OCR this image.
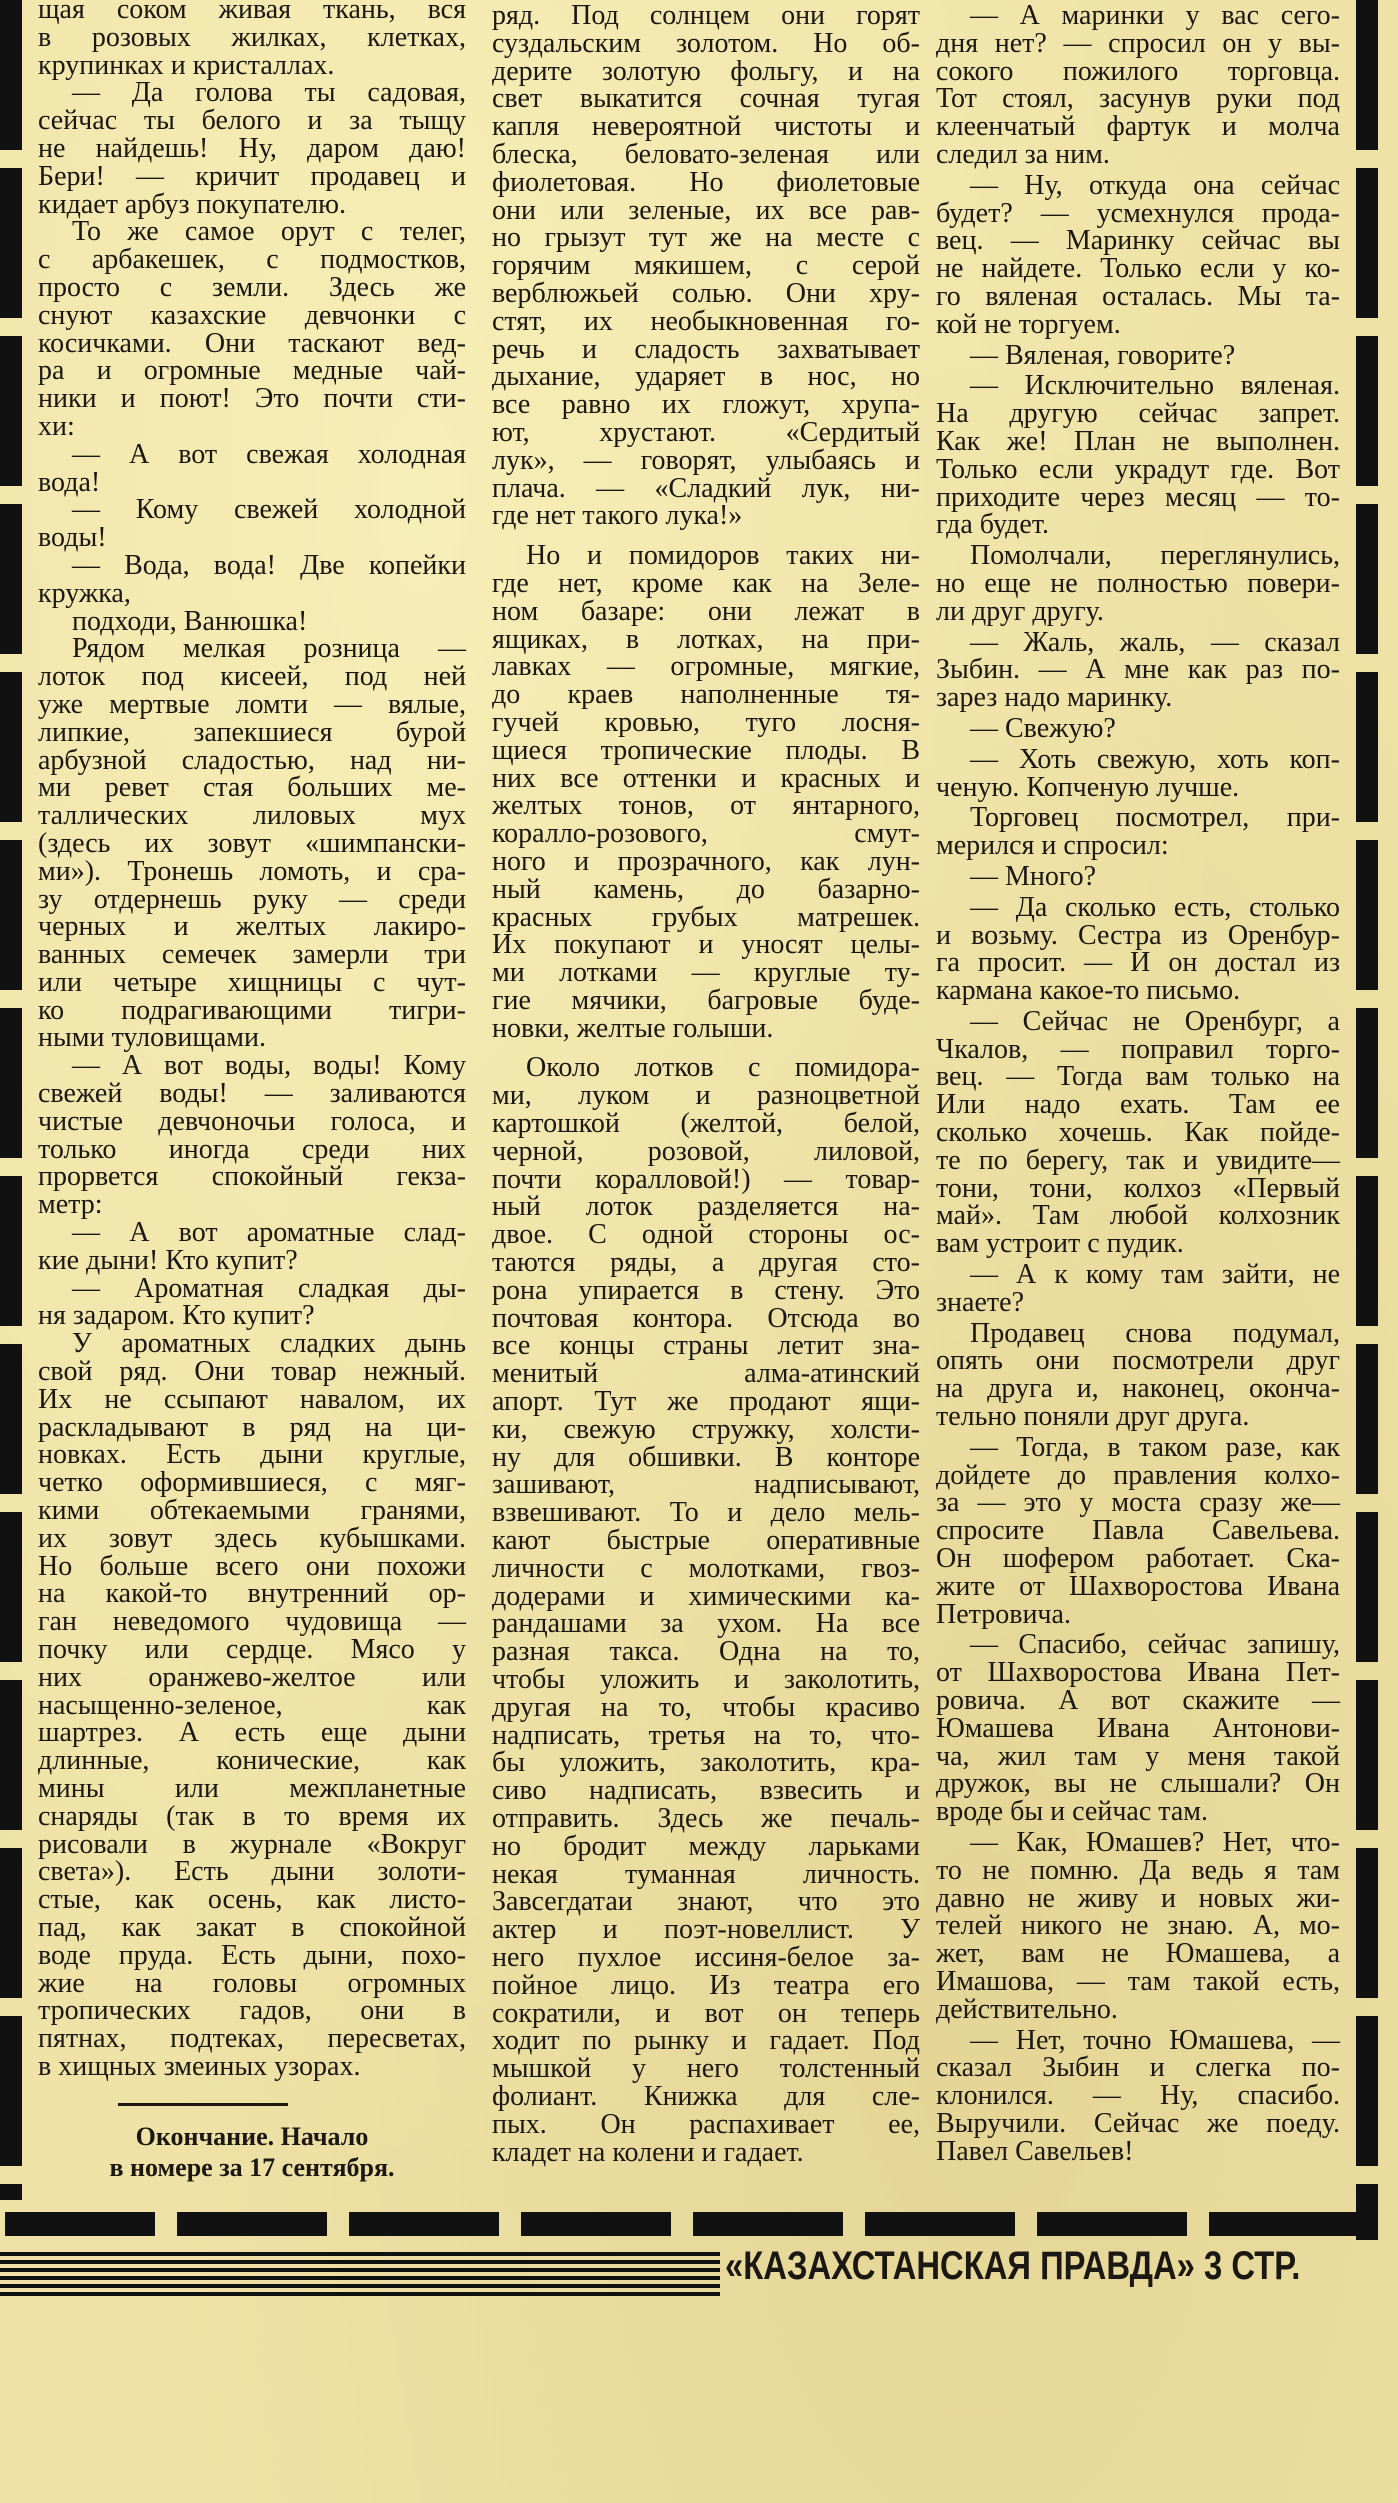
щая соком живая ткань, вся
в розовых жилках, клетках,
крупинках и кристаллах.
— Да голова ты садовая,
сейчас ты белого и за тыщу
не найдешь! Ну, даром даю!
Бери! — кричит продавец и
кидает арбуз покупателю.
То же самое орут с телег,
с арбакешек, с подмостков,
просто с земли. Здесь же
снуют казахские девчонки с
косичками. Они таскают вед-
ра и огромные медные чай-
ники и поют! Это почти сти-
хи:
— А вот свежая холодная
вода!
— Кому свежей холодной
воды!
— Вода, вода! Две копейки
кружка,
подходи, Ванюшка!
Рядом мелкая розница —
лоток под кисеей, под ней
уже мертвые ломти — вялые,
липкие, запекшиеся бурой
арбузной сладостью, над ни-
ми ревет стая больших ме-
таллических лиловых мух
(здесь их зовут «шимпански-
ми»). Тронешь ломоть, и сра-
зу отдернешь руку — среди
черных и желтых лакиро-
ванных семечек замерли три
или четыре хищницы с чут-
ко подрагивающими тигри-
ными туловищами.
— А вот воды, воды! Кому
свежей воды! — заливаются
чистые девчоночьи голоса, и
только иногда среди них
прорвется спокойный гекза-
метр:
— А вот ароматные слад-
кие дыни! Кто купит?
— Ароматная сладкая ды-
ня задаром. Кто купит?
У ароматных сладких дынь
свой ряд. Они товар нежный.
Их не ссыпают навалом, их
раскладывают в ряд на ци-
новках. Есть дыни круглые,
четко оформившиеся, с мяг-
кими обтекаемыми гранями,
их зовут здесь кубышками.
Но больше всего они похожи
на какой-то внутренний ор-
ган неведомого чудовища —
почку или сердце. Мясо у
них оранжево-желтое или
насыщенно-зеленое, как
шартрез. А есть еще дыни
длинные, конические, как
мины или межпланетные
снаряды (так в то время их
рисовали в журнале «Вокруг
света»). Есть дыни золоти-
стые, как осень, как листо-
пад, как закат в спокойной
воде пруда. Есть дыни, похо-
жие на головы огромных
тропических гадов, они в
пятнах, подтеках, пересветах,
в хищных змеиных узорах.
Окончание. Начало
в номере за 17 сентября.
ряд. Под солнцем они горят
суздальским золотом. Но об-
дерите золотую фольгу, и на
свет выкатится сочная тугая
капля невероятной чистоты и
блеска, беловато-зеленая или
фиолетовая. Но фиолетовые
они или зеленые, их все рав-
но грызут тут же на месте с
горячим мякишем, с серой
верблюжьей солью. Они хру-
стят, их необыкновенная го-
речь и сладость захватывает
дыхание, ударяет в нос, но
все равно их гложут, хрупа-
ют, хрустают. «Сердитый
лук», — говорят, улыбаясь и
плача. — «Сладкий лук, ни-
где нет такого лука!»
Но и помидоров таких ни-
где нет, кроме как на Зеле-
ном базаре: они лежат в
ящиках, в лотках, на при-
лавках — огромные, мягкие,
до краев наполненные тя-
гучей кровью, туго лосня-
щиеся тропические плоды. В
них все оттенки и красных и
желтых тонов, от янтарного,
коралло-розового, смут-
ного и прозрачного, как лун-
ный камень, до базарно-
красных грубых матрешек.
Их покупают и уносят целы-
ми лотками — круглые ту-
гие мячики, багровые буде-
новки, желтые голыши.
Около лотков с помидора-
ми, луком и разноцветной
картошкой (желтой, белой,
черной, розовой, лиловой,
почти коралловой!) — товар-
ный лоток разделяется на-
двое. С одной стороны ос-
таются ряды, а другая сто-
рона упирается в стену. Это
почтовая контора. Отсюда во
все концы страны летит зна-
менитый алма-атинский
апорт. Тут же продают ящи-
ки, свежую стружку, холсти-
ну для обшивки. В конторе
зашивают, надписывают,
взвешивают. То и дело мель-
кают быстрые оперативные
личности с молотками, гвоз-
додерами и химическими ка-
рандашами за ухом. На все
разная такса. Одна на то,
чтобы уложить и заколотить,
другая на то, чтобы красиво
надписать, третья на то, что-
бы уложить, заколотить, кра-
сиво надписать, взвесить и
отправить. Здесь же печаль-
но бродит между ларьками
некая туманная личность.
Завсегдатаи знают, что это
актер и поэт-новеллист. У
него пухлое иссиня-белое за-
пойное лицо. Из театра его
сократили, и вот он теперь
ходит по рынку и гадает. Под
мышкой у него толстенный
фолиант. Книжка для сле-
пых. Он распахивает ее,
кладет на колени и гадает.
— А маринки у вас сего-
дня нет? — спросил он у вы-
сокого пожилого торговца.
Тот стоял, засунув руки под
клеенчатый фартук и молча
следил за ним.
— Ну, откуда она сейчас
будет? — усмехнулся прода-
вец. — Маринку сейчас вы
не найдете. Только если у ко-
го вяленая осталась. Мы та-
кой не торгуем.
— Вяленая, говорите?
— Исключительно вяленая.
На другую сейчас запрет.
Как же! План не выполнен.
Только если украдут где. Вот
приходите через месяц — то-
гда будет.
Помолчали, переглянулись,
но еще не полностью повери-
ли друг другу.
— Жаль, жаль, — сказал
Зыбин. — А мне как раз по-
зарез надо маринку.
— Свежую?
— Хоть свежую, хоть коп-
ченую. Копченую лучше.
Торговец посмотрел, при-
мерился и спросил:
— Много?
— Да сколько есть, столько
и возьму. Сестра из Оренбур-
га просит. — И он достал из
кармана какое-то письмо.
— Сейчас не Оренбург, а
Чкалов, — поправил торго-
вец. — Тогда вам только на
Или надо ехать. Там ее
сколько хочешь. Как пойде-
те по берегу, так и увидите—
тони, тони, колхоз «Первый
май». Там любой колхозник
вам устроит с пудик.
— А к кому там зайти, не
знаете?
Продавец снова подумал,
опять они посмотрели друг
на друга и, наконец, оконча-
тельно поняли друг друга.
— Тогда, в таком разе, как
дойдете до правления колхо-
за — это у моста сразу же—
спросите Павла Савельева.
Он шофером работает. Ска-
жите от Шахворостова Ивана
Петровича.
— Спасибо, сейчас запишу,
от Шахворостова Ивана Пет-
ровича. А вот скажите —
Юмашева Ивана Антонови-
ча, жил там у меня такой
дружок, вы не слышали? Он
вроде бы и сейчас там.
— Как, Юмашев? Нет, что-
то не помню. Да ведь я там
давно не живу и новых жи-
телей никого не знаю. А, мо-
жет, вам не Юмашева, а
Имашова, — там такой есть,
действительно.
— Нет, точно Юмашева, —
сказал Зыбин и слегка по-
клонился. — Ну, спасибо.
Выручили. Сейчас же поеду.
Павел Савельев!
«КАЗАХСТАНСКАЯ ПРАВДА» 3 СТР.
